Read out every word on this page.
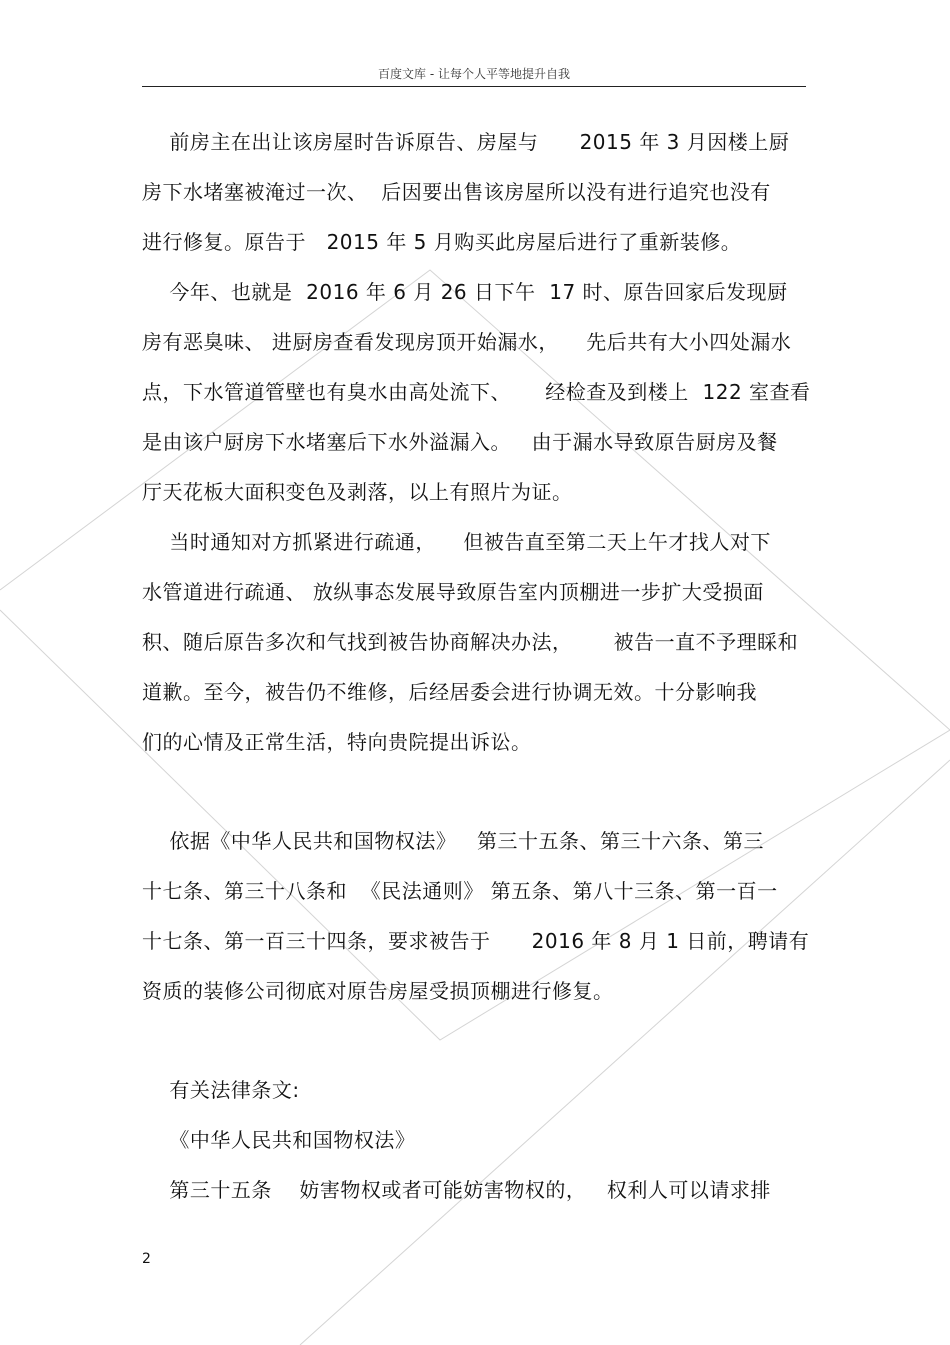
百度文库 - 让每个人平等地提升自我
前房主在出让该房屋时告诉原告、房屋与      2015 年 3 月因楼上厨
房下水堵塞被淹过一次、  后因要出售该房屋所以没有进行追究也没有
进行修复。原告于   2015 年 5 月购买此房屋后进行了重新装修。
今年、也就是  2016 年 6 月 26 日下午  17 时、原告回家后发现厨
房有恶臭味、 进厨房查看发现房顶开始漏水，    先后共有大小四处漏水
点，下水管道管壁也有臭水由高处流下、     经检查及到楼上  122 室查看
是由该户厨房下水堵塞后下水外溢漏入。   由于漏水导致原告厨房及餐
厅天花板大面积变色及剥落，以上有照片为证。
当时通知对方抓紧进行疏通，    但被告直至第二天上午才找人对下
水管道进行疏通、 放纵事态发展导致原告室内顶棚进一步扩大受损面
积、随后原告多次和气找到被告协商解决办法，      被告一直不予理睬和
道歉。至今，被告仍不维修，后经居委会进行协调无效。十分影响我
们的心情及正常生活，特向贵院提出诉讼。
依据《中华人民共和国物权法》   第三十五条、第三十六条、第三
十七条、第三十八条和  《民法通则》 第五条、第八十三条、第一百一
十七条、第一百三十四条，要求被告于      2016 年 8 月 1 日前，聘请有
资质的装修公司彻底对原告房屋受损顶棚进行修复。
有关法律条文:
《中华人民共和国物权法》
第三十五条    妨害物权或者可能妨害物权的，   权利人可以请求排
2
